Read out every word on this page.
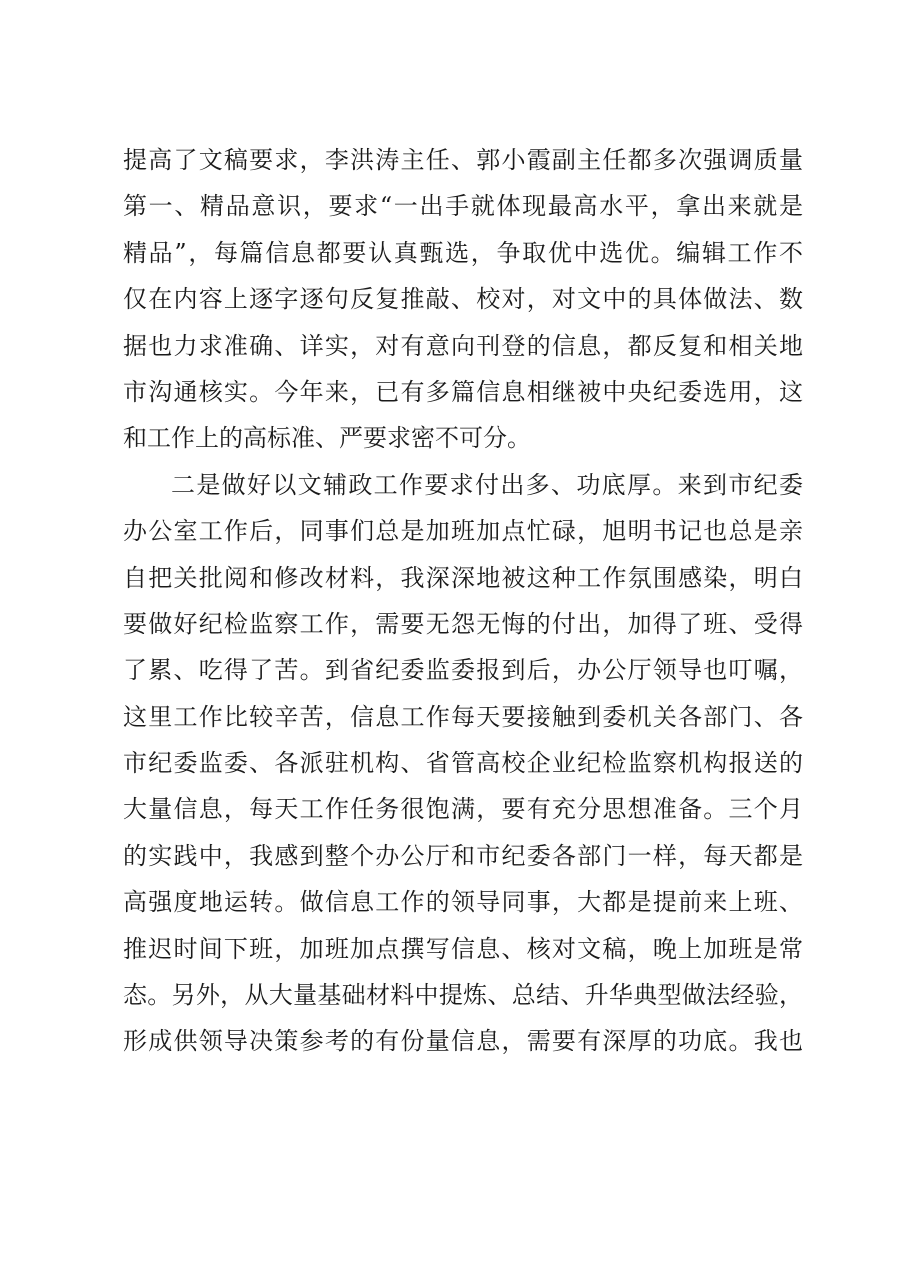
提高了文稿要求，李洪涛主任、郭小霞副主任都多次强调质量
第一、精品意识，要求“一出手就体现最高水平，拿出来就是
精品”，每篇信息都要认真甄选，争取优中选优。编辑工作不
仅在内容上逐字逐句反复推敲、校对，对文中的具体做法、数
据也力求准确、详实，对有意向刊登的信息，都反复和相关地
市沟通核实。今年来，已有多篇信息相继被中央纪委选用，这
和工作上的高标准、严要求密不可分。
二是做好以文辅政工作要求付出多、功底厚。来到市纪委
办公室工作后，同事们总是加班加点忙碌，旭明书记也总是亲
自把关批阅和修改材料，我深深地被这种工作氛围感染，明白
要做好纪检监察工作，需要无怨无悔的付出，加得了班、受得
了累、吃得了苦。到省纪委监委报到后，办公厅领导也叮嘱，
这里工作比较辛苦，信息工作每天要接触到委机关各部门、各
市纪委监委、各派驻机构、省管高校企业纪检监察机构报送的
大量信息，每天工作任务很饱满，要有充分思想准备。三个月
的实践中，我感到整个办公厅和市纪委各部门一样，每天都是
高强度地运转。做信息工作的领导同事，大都是提前来上班、
推迟时间下班，加班加点撰写信息、核对文稿，晚上加班是常
态。另外，从大量基础材料中提炼、总结、升华典型做法经验，
形成供领导决策参考的有份量信息，需要有深厚的功底。我也
